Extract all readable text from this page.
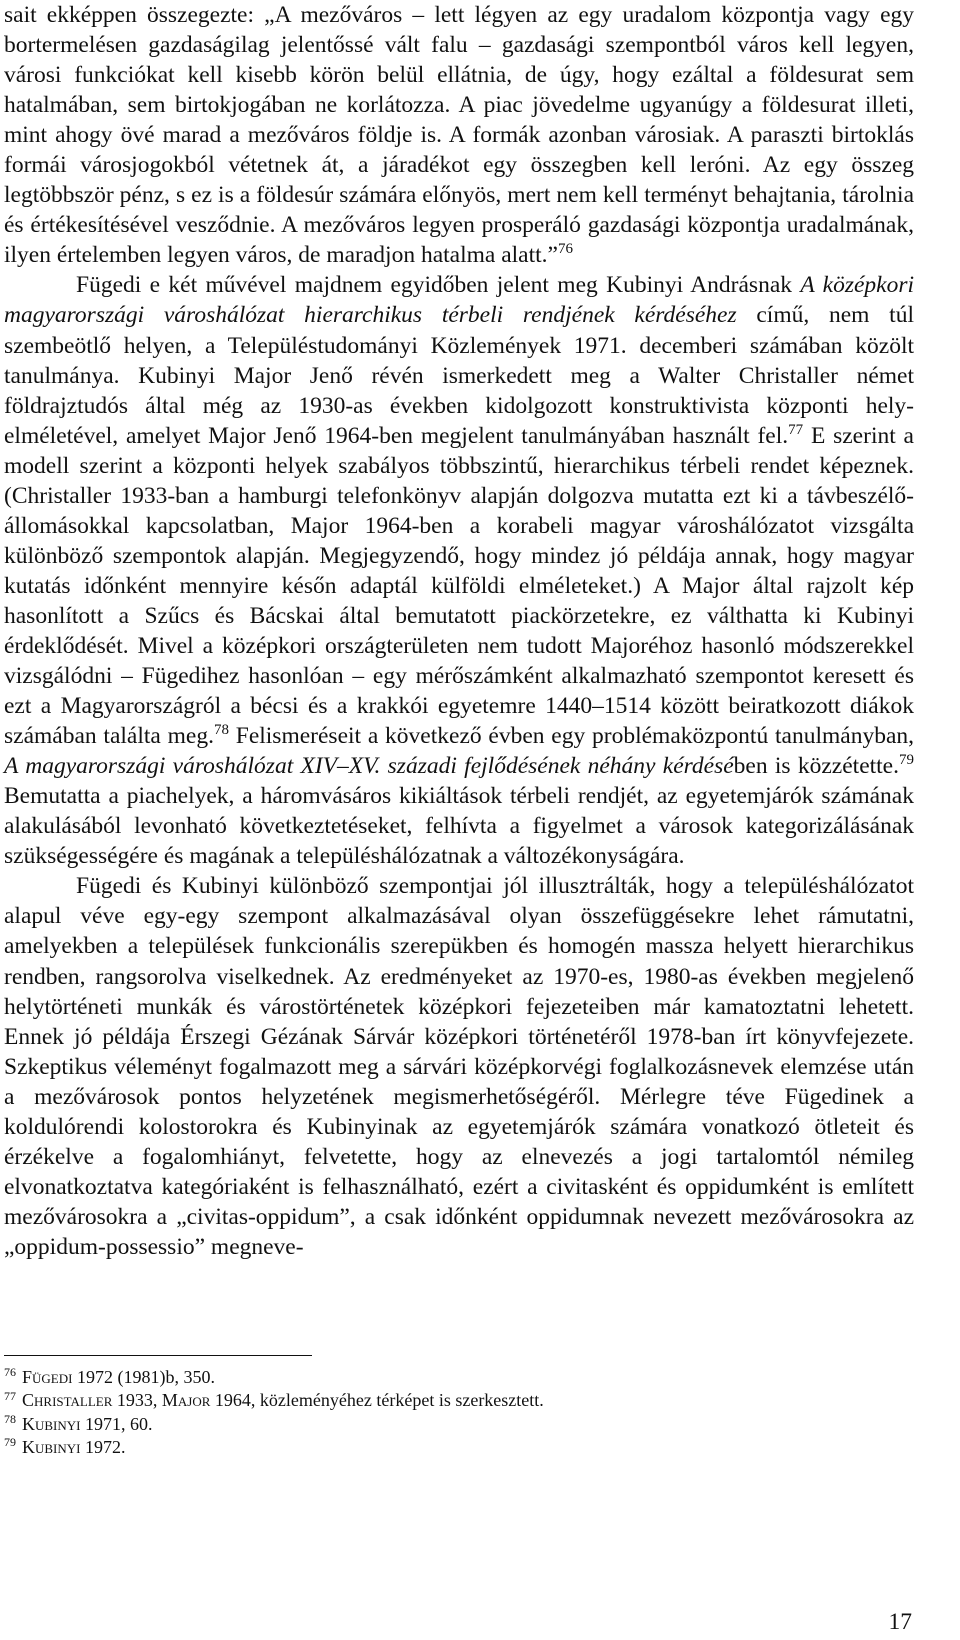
sait ekképpen összegezte: „A mezőváros – lett légyen az egy uradalom központja vagy egy bortermelésen gazdaságilag jelentőssé vált falu – gazdasági szempontból város kell legyen, városi funkciókat kell kisebb körön belül ellátnia, de úgy, hogy ezáltal a földesurat sem hatalmában, sem birtokjogában ne korlátozza. A piac jövedelme ugyanúgy a földesurat illeti, mint ahogy övé marad a mezőváros földje is. A formák azonban városiak. A paraszti birtoklás formái városjogokból vétetnek át, a járadékot egy összegben kell leróni. Az egy összeg legtöbbször pénz, s ez is a földesúr számára előnyös, mert nem kell terményt behajtania, tárolnia és értékesítésével vesződnie. A mezőváros legyen prosperáló gazdasági központja uradalmának, ilyen értelemben legyen város, de maradjon hatalma alatt.”$^{76}$

Fügedi e két művével majdnem egyidőben jelent meg Kubinyi Andrásnak A középkori magyarországi városhálózat hierarchikus térbeli rendjének kérdéséhez című, nem túl szembeötlő helyen, a Településtudományi Közlemények 1971. decemberi számában közölt tanulmánya. Kubinyi Major Jenő révén ismerkedett meg a Walter Christaller német földrajztudós által még az 1930-as években kidolgozott konstruktivista központi hely-elméletével, amelyet Major Jenő 1964-ben megjelent tanulmányában használt fel.$^{77}$ E szerint a modell szerint a központi helyek szabályos többszintű, hierarchikus térbeli rendet képeznek. (Christaller 1933-ban a hamburgi telefonkönyv alapján dolgozva mutatta ezt ki a távbeszélő-állomásokkal kapcsolatban, Major 1964-ben a korabeli magyar városhálózatot vizsgálta különböző szempontok alapján. Megjegyzendő, hogy mindez jó példája annak, hogy magyar kutatás időnként mennyire későn adaptál külföldi elméleteket.) A Major által rajzolt kép hasonlított a Szűcs és Bácskai által bemutatott piackörzetekre, ez válthatta ki Kubinyi érdeklődését. Mivel a középkori országterületen nem tudott Majoréhoz hasonló módszerekkel vizsgálódni – Fügedihez hasonlóan – egy mérőszámként alkalmazható szempontot keresett és ezt a Magyarországról a bécsi és a krakkói egyetemre 1440–1514 között beiratkozott diákok számában találta meg.$^{78}$ Felismeréseit a következő évben egy problémaközpontú tanulmányban, A magyarországi városhálózat XIV–XV. századi fejlődésének néhány kérdésében is közzétette.$^{79}$ Bemutatta a piachelyek, a háromvásáros kikiáltások térbeli rendjét, az egyetemjárók számának alakulásából levonható következtetéseket, felhívta a figyelmet a városok kategorizálásának szükségességére és magának a településhálózatnak a változékonyságára.

Fügedi és Kubinyi különböző szempontjai jól illusztrálták, hogy a településhálózatot alapul véve egy-egy szempont alkalmazásával olyan összefüggésekre lehet rámutatni, amelyekben a települések funkcionális szerepükben és homogén massza helyett hierarchikus rendben, rangsorolva viselkednek. Az eredményeket az 1970-es, 1980-as években megjelenő helytörténeti munkák és várostörténetek középkori fejezeteiben már kamatoztatni lehetett. Ennek jó példája Érszegi Gézának Sárvár középkori történetéről 1978-ban írt könyvfejezete. Szkeptikus véleményt fogalmazott meg a sárvári középkorvégi foglalkozásnevek elemzése után a mezővárosok pontos helyzetének megismerhetőségéről. Mérlegre téve Fügedinek a koldulórendi kolostorokra és Kubinyinak az egyetemjárók számára vonatkozó ötleteit és érzékelve a fogalomhiányt, felvetette, hogy az elnevezés a jogi tartalomtól némileg elvonatkoztatva kategóriaként is felhasználható, ezért a civitasként és oppidumként is említett mezővárosokra a „civitas-oppidum”, a csak időnként oppidumnak nevezett mezővárosokra az „oppidum-possessio” megneve-

$^{76}$ Fügedi 1972 (1981)b, 350.
$^{77}$ Christaller 1933, Major 1964, közleményéhez térképet is szerkesztett.
$^{78}$ Kubinyi 1971, 60.
$^{79}$ Kubinyi 1972.
17
